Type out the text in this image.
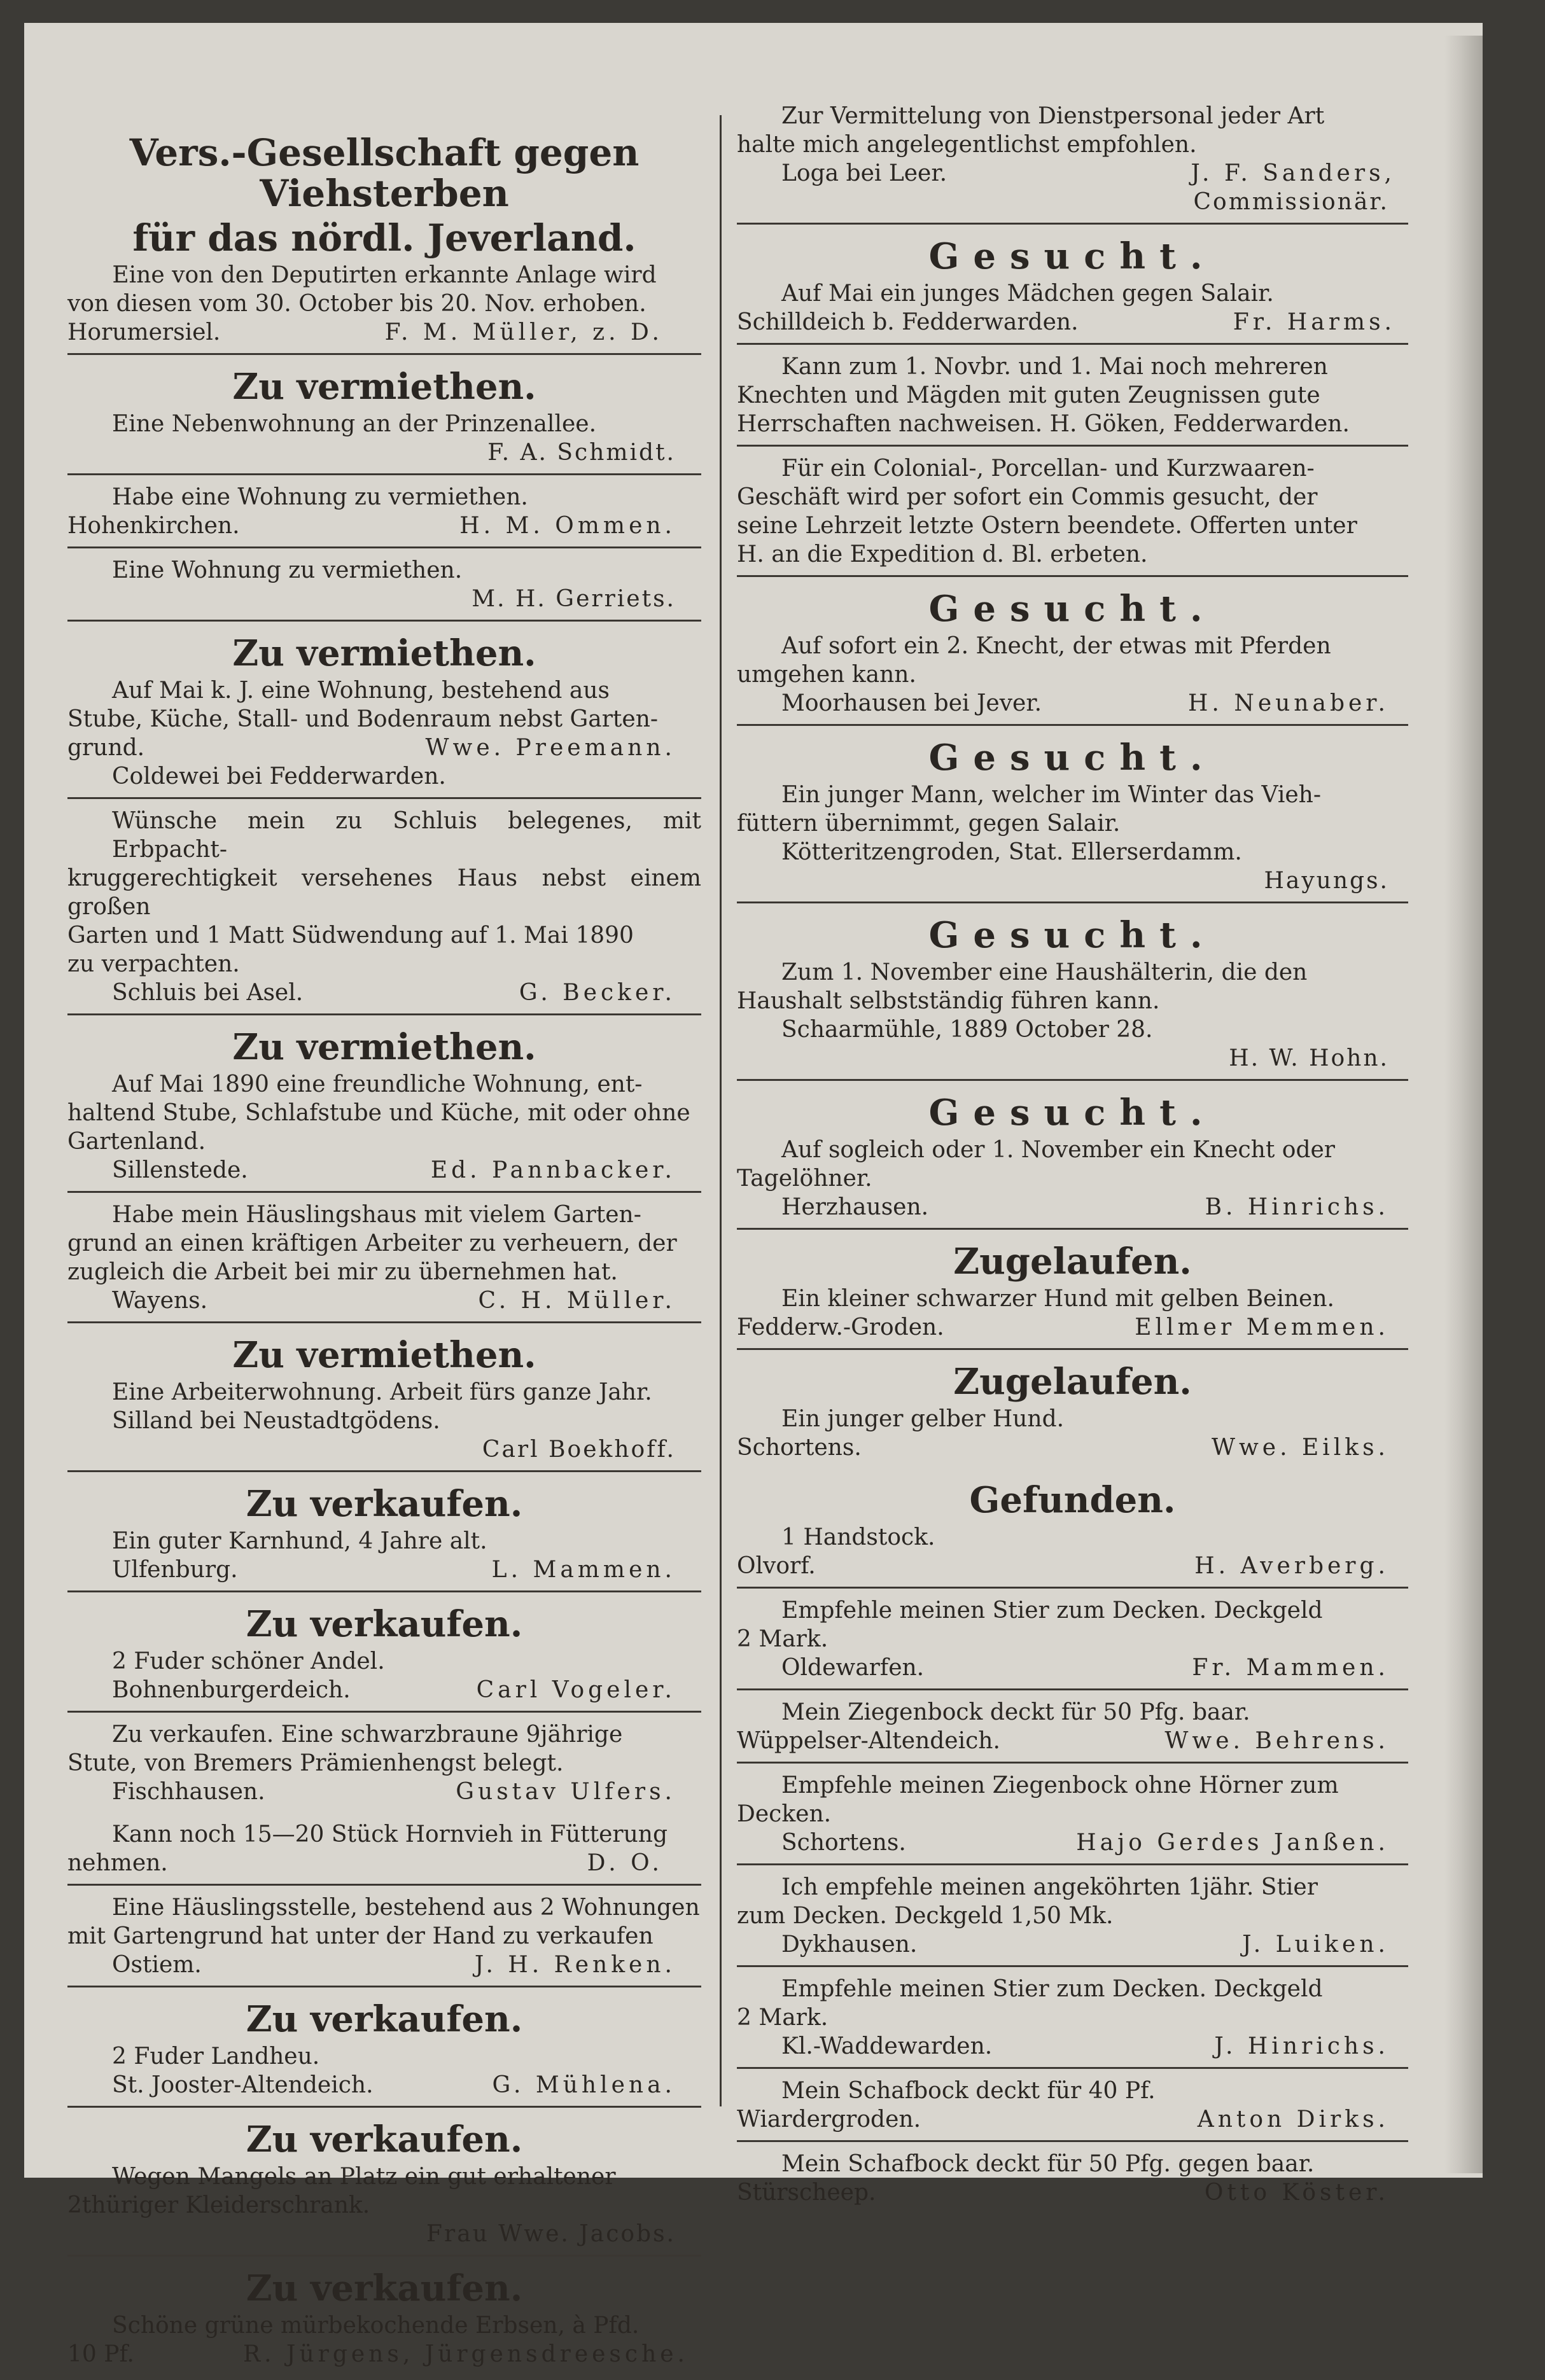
Vers.-Gesellschaft gegen Viehsterben
für das nördl. Jeverland.
Eine von den Deputirten erkannte Anlage wird
von diesen vom 30. October bis 20. Nov. erhoben.
Horumersiel.	F. M. Müller, z. D.
Zu vermiethen.
Eine Nebenwohnung an der Prinzenallee.
F. A. Schmidt.
Habe eine Wohnung zu vermiethen.
Hohenkirchen.	H. M. Ommen.
Eine Wohnung zu vermiethen.
M. H. Gerriets.
Zu vermiethen.
Auf Mai k. J. eine Wohnung, bestehend aus
Stube, Küche, Stall- und Bodenraum nebst Garten-
grund.	Wwe. Preemann.
Coldewei bei Fedderwarden.
Wünsche mein zu Schluis belegenes, mit Erbpacht-
kruggerechtigkeit versehenes Haus nebst einem großen
Garten und 1 Matt Südwendung auf 1. Mai 1890
zu verpachten.
Schluis bei Asel.	G. Becker.
Zu vermiethen.
Auf Mai 1890 eine freundliche Wohnung, ent-
haltend Stube, Schlafstube und Küche, mit oder ohne
Gartenland.
Sillenstede.	Ed. Pannbacker.
Habe mein Häuslingshaus mit vielem Garten-
grund an einen kräftigen Arbeiter zu verheuern, der
zugleich die Arbeit bei mir zu übernehmen hat.
Wayens.	C. H. Müller.
Zu vermiethen.
Eine Arbeiterwohnung. Arbeit fürs ganze Jahr.
Silland bei Neustadtgödens.
Carl Boekhoff.
Zu verkaufen.
Ein guter Karnhund, 4 Jahre alt.
Ulfenburg.	L. Mammen.
Zu verkaufen.
2 Fuder schöner Andel.
Bohnenburgerdeich.	Carl Vogeler.
Zu verkaufen. Eine schwarzbraune 9jährige
Stute, von Bremers Prämienhengst belegt.
Fischhausen.	Gustav Ulfers.
Kann noch 15—20 Stück Hornvieh in Fütterung
nehmen.	D. O.
Eine Häuslingsstelle, bestehend aus 2 Wohnungen
mit Gartengrund hat unter der Hand zu verkaufen
Ostiem.	J. H. Renken.
Zu verkaufen.
2 Fuder Landheu.
St. Jooster-Altendeich.	G. Mühlena.
Zu verkaufen.
Wegen Mangels an Platz ein gut erhaltener
2thüriger Kleiderschrank.
Frau Wwe. Jacobs.
Zu verkaufen.
Schöne grüne mürbekochende Erbsen, à Pfd.
10 Pf.	R. Jürgens, Jürgensdreesche.
Zur Vermittelung von Dienstpersonal jeder Art
halte mich angelegentlichst empfohlen.
Loga bei Leer.	J. F. Sanders,
Commissionär.
Gesucht.
Auf Mai ein junges Mädchen gegen Salair.
Schilldeich b. Fedderwarden.	Fr. Harms.
Kann zum 1. Novbr. und 1. Mai noch mehreren
Knechten und Mägden mit guten Zeugnissen gute
Herrschaften nachweisen. H. Göken, Fedderwarden.
Für ein Colonial-, Porcellan- und Kurzwaaren-
Geschäft wird per sofort ein Commis gesucht, der
seine Lehrzeit letzte Ostern beendete. Offerten unter
H. an die Expedition d. Bl. erbeten.
Gesucht.
Auf sofort ein 2. Knecht, der etwas mit Pferden
umgehen kann.
Moorhausen bei Jever.	H. Neunaber.
Gesucht.
Ein junger Mann, welcher im Winter das Vieh-
füttern übernimmt, gegen Salair.
Kötteritzengroden, Stat. Ellerserdamm.
Hayungs.
Gesucht.
Zum 1. November eine Haushälterin, die den
Haushalt selbstständig führen kann.
Schaarmühle, 1889 October 28.
H. W. Hohn.
Gesucht.
Auf sogleich oder 1. November ein Knecht oder
Tagelöhner.
Herzhausen.	B. Hinrichs.
Zugelaufen.
Ein kleiner schwarzer Hund mit gelben Beinen.
Fedderw.-Groden.	Ellmer Memmen.
Zugelaufen.
Ein junger gelber Hund.
Schortens.	Wwe. Eilks.
Gefunden.
1 Handstock.
Olvorf.	H. Averberg.
Empfehle meinen Stier zum Decken. Deckgeld
2 Mark.
Oldewarfen.	Fr. Mammen.
Mein Ziegenbock deckt für 50 Pfg. baar.
Wüppelser-Altendeich.	Wwe. Behrens.
Empfehle meinen Ziegenbock ohne Hörner zum
Decken.
Schortens.	Hajo Gerdes Janßen.
Ich empfehle meinen angeköhrten 1jähr. Stier
zum Decken. Deckgeld 1,50 Mk.
Dykhausen.	J. Luiken.
Empfehle meinen Stier zum Decken. Deckgeld
2 Mark.
Kl.-Waddewarden.	J. Hinrichs.
Mein Schafbock deckt für 40 Pf.
Wiardergroden.	Anton Dirks.
Mein Schafbock deckt für 50 Pfg. gegen baar.
Stürscheep.	Otto Köster.
